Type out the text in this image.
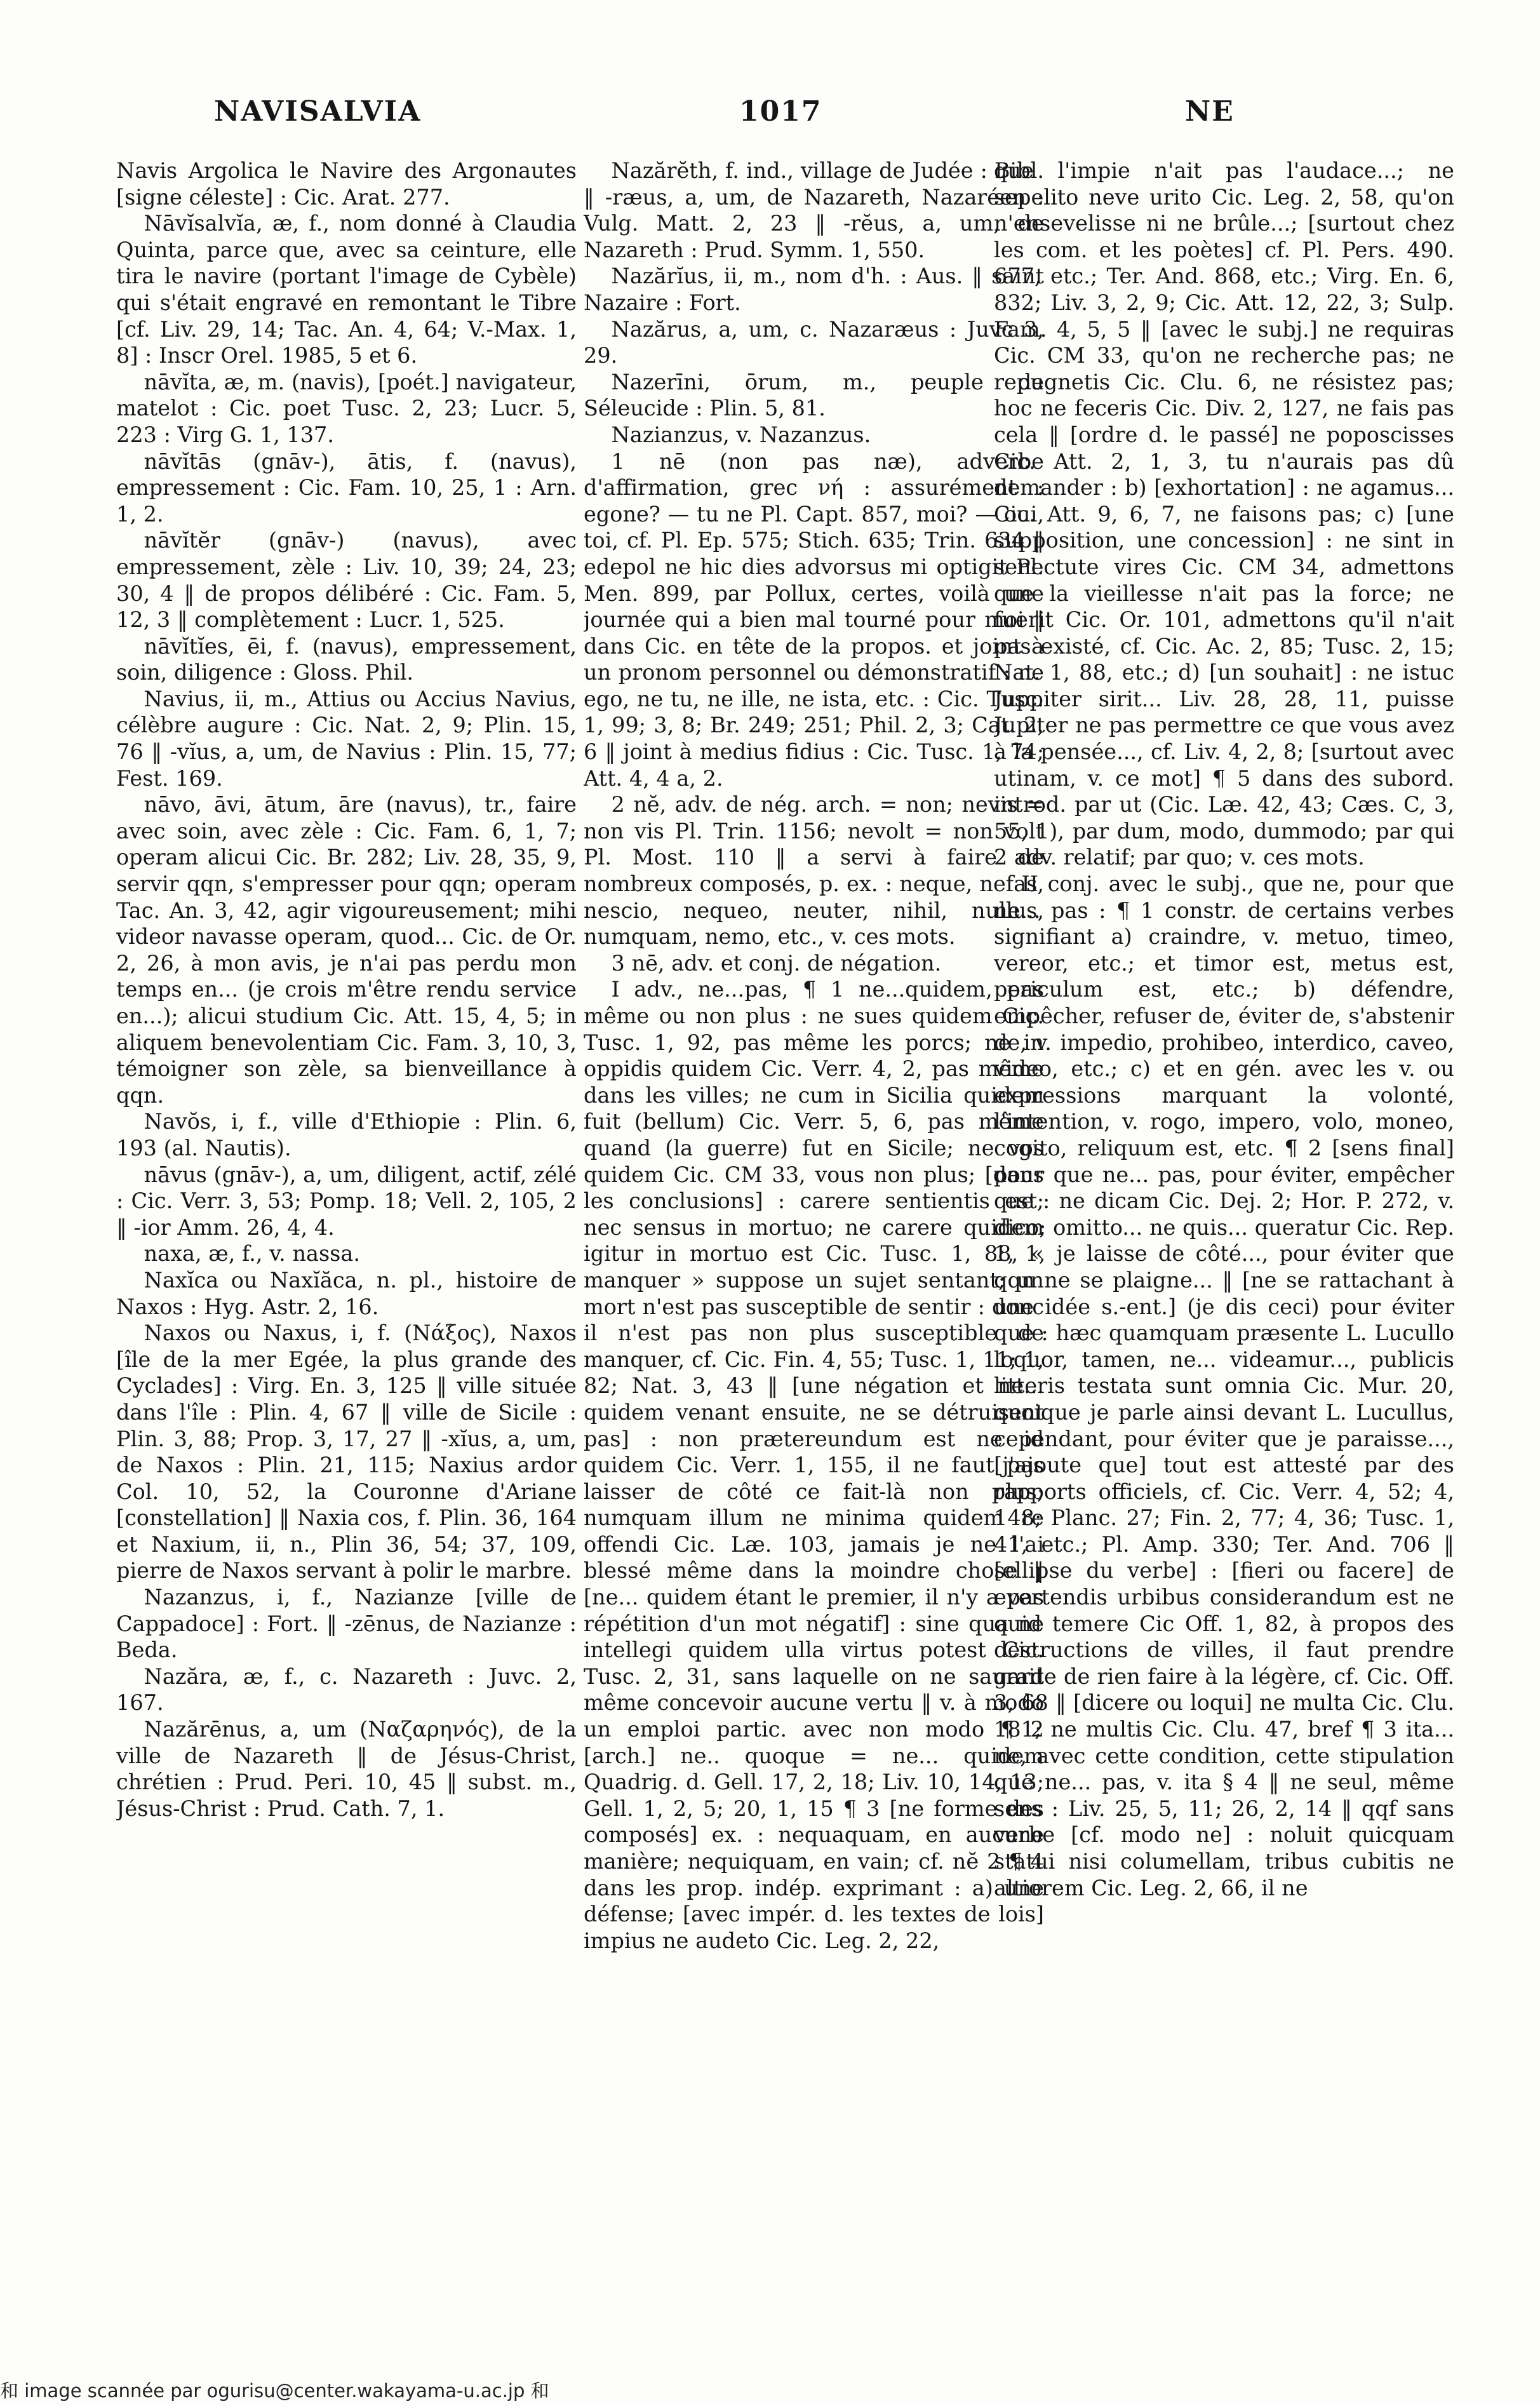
NAVISALVIA	1017	NE

Navis Argolica le Navire des Argonautes [signe céleste] : Cic. Arat. 277.

Nāvĭsalvĭa, æ, f., nom donné à Claudia Quinta, parce que, avec sa ceinture, elle tira le navire (portant l'image de Cybèle) qui s'était engravé en remontant le Tibre [cf. Liv. 29, 14; Tac. An. 4, 64; V.-Max. 1, 8] : Inscr Orel. 1985, 5 et 6.

nāvĭta, æ, m. (navis), [poét.] navigateur, matelot : Cic. poet Tusc. 2, 23; Lucr. 5, 223 : Virg G. 1, 137.

nāvĭtās (gnāv-), ātis, f. (navus), empressement : Cic. Fam. 10, 25, 1 : Arn. 1, 2.

nāvĭtĕr (gnāv-) (navus), avec empressement, zèle : Liv. 10, 39; 24, 23; 30, 4 ‖ de propos délibéré : Cic. Fam. 5, 12, 3 ‖ complètement : Lucr. 1, 525.

nāvĭtĭes, ēi, f. (navus), empressement, soin, diligence : Gloss. Phil.

Navius, ii, m., Attius ou Accius Navius, célèbre augure : Cic. Nat. 2, 9; Plin. 15, 76 ‖ -vĭus, a, um, de Navius : Plin. 15, 77; Fest. 169.

nāvo, āvi, ātum, āre (navus), tr., faire avec soin, avec zèle : Cic. Fam. 6, 1, 7; operam alicui Cic. Br. 282; Liv. 28, 35, 9, servir qqn, s'empresser pour qqn; operam Tac. An. 3, 42, agir vigoureusement; mihi videor navasse operam, quod... Cic. de Or. 2, 26, à mon avis, je n'ai pas perdu mon temps en... (je crois m'être rendu service en...); alicui studium Cic. Att. 15, 4, 5; in aliquem benevolentiam Cic. Fam. 3, 10, 3, témoigner son zèle, sa bienveillance à qqn.

Navŏs, i, f., ville d'Ethiopie : Plin. 6, 193 (al. Nautis).

nāvus (gnāv-), a, um, diligent, actif, zélé : Cic. Verr. 3, 53; Pomp. 18; Vell. 2, 105, 2 ‖ -ior Amm. 26, 4, 4.

naxa, æ, f., v. nassa.

Naxĭca ou Naxĭăca, n. pl., histoire de Naxos : Hyg. Astr. 2, 16.

Naxos ou Naxus, i, f. (Νάξος), Naxos [île de la mer Egée, la plus grande des Cyclades] : Virg. En. 3, 125 ‖ ville située dans l'île : Plin. 4, 67 ‖ ville de Sicile : Plin. 3, 88; Prop. 3, 17, 27 ‖ -xĭus, a, um, de Naxos : Plin. 21, 115; Naxius ardor Col. 10, 52, la Couronne d'Ariane [constellation] ‖ Naxia cos, f. Plin. 36, 164 et Naxium, ii, n., Plin 36, 54; 37, 109, pierre de Naxos servant à polir le marbre.

Nazanzus, i, f., Nazianze [ville de Cappadoce] : Fort. ‖ -zēnus, de Nazianze : Beda.

Nazăra, æ, f., c. Nazareth : Juvc. 2, 167.

Nazărēnus, a, um (Ναζαρηνός), de la ville de Nazareth ‖ de Jésus-Christ, chrétien : Prud. Peri. 10, 45 ‖ subst. m., Jésus-Christ : Prud. Cath. 7, 1.

Nazărĕth, f. ind., village de Judée : Bibl. ‖ -ræus, a, um, de Nazareth, Nazaréen : Vulg. Matt. 2, 23 ‖ -rĕus, a, um, de Nazareth : Prud. Symm. 1, 550.

Nazărĭus, ii, m., nom d'h. : Aus. ‖ saint Nazaire : Fort.

Nazărus, a, um, c. Nazaræus : Juvc 3, 29.

Nazerīni, ōrum, m., peuple de Séleucide : Plin. 5, 81.

Nazianzus, v. Nazanzus.

1 nē (non pas næ), adverbe d'affirmation, grec νή : assurément : egone? — tu ne Pl. Capt. 857, moi? — oui, toi, cf. Pl. Ep. 575; Stich. 635; Trin. 634 ‖ edepol ne hic dies advorsus mi optigit Pl. Men. 899, par Pollux, certes, voilà une journée qui a bien mal tourné pour moi ‖ dans Cic. en tête de la propos. et joint à un pronom personnel ou démonstratif : ne ego, ne tu, ne ille, ne ista, etc. : Cic. Tusc. 1, 99; 3, 8; Br. 249; 251; Phil. 2, 3; Cat. 2, 6 ‖ joint à medius fidius : Cic. Tusc. 1, 74; Att. 4, 4 a, 2.

2 nĕ, adv. de nég. arch. = non; nevis = non vis Pl. Trin. 1156; nevolt = non volt Pl. Most. 110 ‖ a servi à faire de nombreux composés, p. ex. : neque, nefas, nescio, nequeo, neuter, nihil, nullus, numquam, nemo, etc., v. ces mots.

3 nē, adv. et conj. de négation.

I adv., ne...pas, ¶ 1 ne...quidem, pas même ou non plus : ne sues quidem Cic. Tusc. 1, 92, pas même les porcs; ne in oppidis quidem Cic. Verr. 4, 2, pas même dans les villes; ne cum in Sicilia quidem fuit (bellum) Cic. Verr. 5, 6, pas même quand (la guerre) fut en Sicile; ne vos quidem Cic. CM 33, vous non plus; [dans les conclusions] : carere sentientis est; nec sensus in mortuo; ne carere quidem igitur in mortuo est Cic. Tusc. 1, 88, « manquer » suppose un sujet sentant; un mort n'est pas susceptible de sentir : donc il n'est pas non plus susceptible de manquer, cf. Cic. Fin. 4, 55; Tusc. 1, 11; 1, 82; Nat. 3, 43 ‖ [une négation et ne... quidem venant ensuite, ne se détruisent pas] : non prætereundum est ne id quidem Cic. Verr. 1, 155, il ne faut pas laisser de côté ce fait-là non plus; numquam illum ne minima quidem re offendi Cic. Læ. 103, jamais je ne l'ai blessé même dans la moindre chose ‖ [ne... quidem étant le premier, il n'y a pas répétition d'un mot négatif] : sine qua ne intellegi quidem ulla virtus potest Cic. Tusc. 2, 31, sans laquelle on ne saurait même concevoir aucune vertu ‖ v. à modo un emploi partic. avec non modo ¶ 2 [arch.] ne.. quoque = ne... quidem Quadrig. d. Gell. 17, 2, 18; Liv. 10, 14, 13; Gell. 1, 2, 5; 20, 1, 15 ¶ 3 [ne forme des composés] ex. : nequaquam, en aucune manière; nequiquam, en vain; cf. nĕ 2 ¶ 4 dans les prop. indép. exprimant : a) une défense; [avec impér. d. les textes de lois] impius ne audeto Cic. Leg. 2, 22,

que l'impie n'ait pas l'audace...; ne sepelito neve urito Cic. Leg. 2, 58, qu'on n'ensevelisse ni ne brûle...; [surtout chez les com. et les poètes] cf. Pl. Pers. 490. 677, etc.; Ter. And. 868, etc.; Virg. En. 6, 832; Liv. 3, 2, 9; Cic. Att. 12, 22, 3; Sulp. Fam. 4, 5, 5 ‖ [avec le subj.] ne requiras Cic. CM 33, qu'on ne recherche pas; ne repugnetis Cic. Clu. 6, ne résistez pas; hoc ne feceris Cic. Div. 2, 127, ne fais pas cela ‖ [ordre d. le passé] ne poposcisses Cic. Att. 2, 1, 3, tu n'aurais pas dû demander : b) [exhortation] : ne agamus... Cic. Att. 9, 6, 7, ne faisons pas; c) [une supposition, une concession] : ne sint in senectute vires Cic. CM 34, admettons que la vieillesse n'ait pas la force; ne fuerit Cic. Or. 101, admettons qu'il n'ait pas existé, cf. Cic. Ac. 2, 85; Tusc. 2, 15; Nat. 1, 88, etc.; d) [un souhait] : ne istuc Juppiter sirit... Liv. 28, 28, 11, puisse Jupiter ne pas permettre ce que vous avez à la pensée..., cf. Liv. 4, 2, 8; [surtout avec utinam, v. ce mot] ¶ 5 dans des subord. introd. par ut (Cic. Læ. 42, 43; Cæs. C, 3, 55, 1), par dum, modo, dummodo; par qui 2 adv. relatif; par quo; v. ces mots.

II conj. avec le subj., que ne, pour que ne... pas : ¶ 1 constr. de certains verbes signifiant a) craindre, v. metuo, timeo, vereor, etc.; et timor est, metus est, periculum est, etc.; b) défendre, empêcher, refuser de, éviter de, s'abstenir de, v. impedio, prohibeo, interdico, caveo, video, etc.; c) et en gén. avec les v. ou expressions marquant la volonté, l'intention, v. rogo, impero, volo, moneo, cogito, reliquum est, etc. ¶ 2 [sens final] pour que ne... pas, pour éviter, empêcher que : ne dicam Cic. Dej. 2; Hor. P. 272, v. dico; omitto... ne quis... queratur Cic. Rep. 1, 1, je laisse de côté..., pour éviter que qqn ne se plaigne... ‖ [ne se rattachant à une idée s.-ent.] (je dis ceci) pour éviter que : hæc quamquam præsente L. Lucullo loquor, tamen, ne... videamur..., publicis litteris testata sunt omnia Cic. Mur. 20, quoique je parle ainsi devant L. Lucullus, cependant, pour éviter que je paraisse..., [j'ajoute que] tout est attesté par des rapports officiels, cf. Cic. Verr. 4, 52; 4, 148; Planc. 27; Fin. 2, 77; 4, 36; Tusc. 1, 41, etc.; Pl. Amp. 330; Ter. And. 706 ‖ [ellipse du verbe] : [fieri ou facere] de evertendis urbibus considerandum est ne quid temere Cic Off. 1, 82, à propos des destructions de villes, il faut prendre garde de rien faire à la légère, cf. Cic. Off. 3, 68 ‖ [dicere ou loqui] ne multa Cic. Clu. 181; ne multis Cic. Clu. 47, bref ¶ 3 ita... ne, avec cette condition, cette stipulation que ne... pas, v. ita § 4 ‖ ne seul, même sens : Liv. 25, 5, 11; 26, 2, 14 ‖ qqf sans verbe [cf. modo ne] : noluit quicquam statui nisi columellam, tribus cubitis ne altiorem Cic. Leg. 2, 66, il ne

和 image scannée par ogurisu@center.wakayama-u.ac.jp 和
